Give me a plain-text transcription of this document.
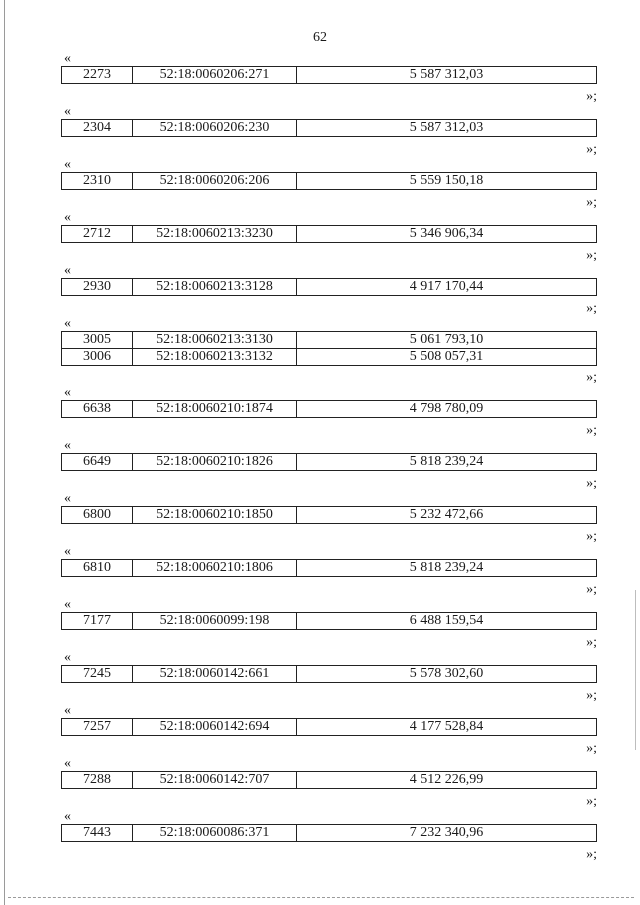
62
«
2273	52:18:0060206:271	5 587 312,03
»;
«
2304	52:18:0060206:230	5 587 312,03
»;
«
2310	52:18:0060206:206	5 559 150,18
»;
«
2712	52:18:0060213:3230	5 346 906,34
»;
«
2930	52:18:0060213:3128	4 917 170,44
»;
«
3005	52:18:0060213:3130	5 061 793,10
3006	52:18:0060213:3132	5 508 057,31
»;
«
6638	52:18:0060210:1874	4 798 780,09
»;
«
6649	52:18:0060210:1826	5 818 239,24
»;
«
6800	52:18:0060210:1850	5 232 472,66
»;
«
6810	52:18:0060210:1806	5 818 239,24
»;
«
7177	52:18:0060099:198	6 488 159,54
»;
«
7245	52:18:0060142:661	5 578 302,60
»;
«
7257	52:18:0060142:694	4 177 528,84
»;
«
7288	52:18:0060142:707	4 512 226,99
»;
«
7443	52:18:0060086:371	7 232 340,96
»;
